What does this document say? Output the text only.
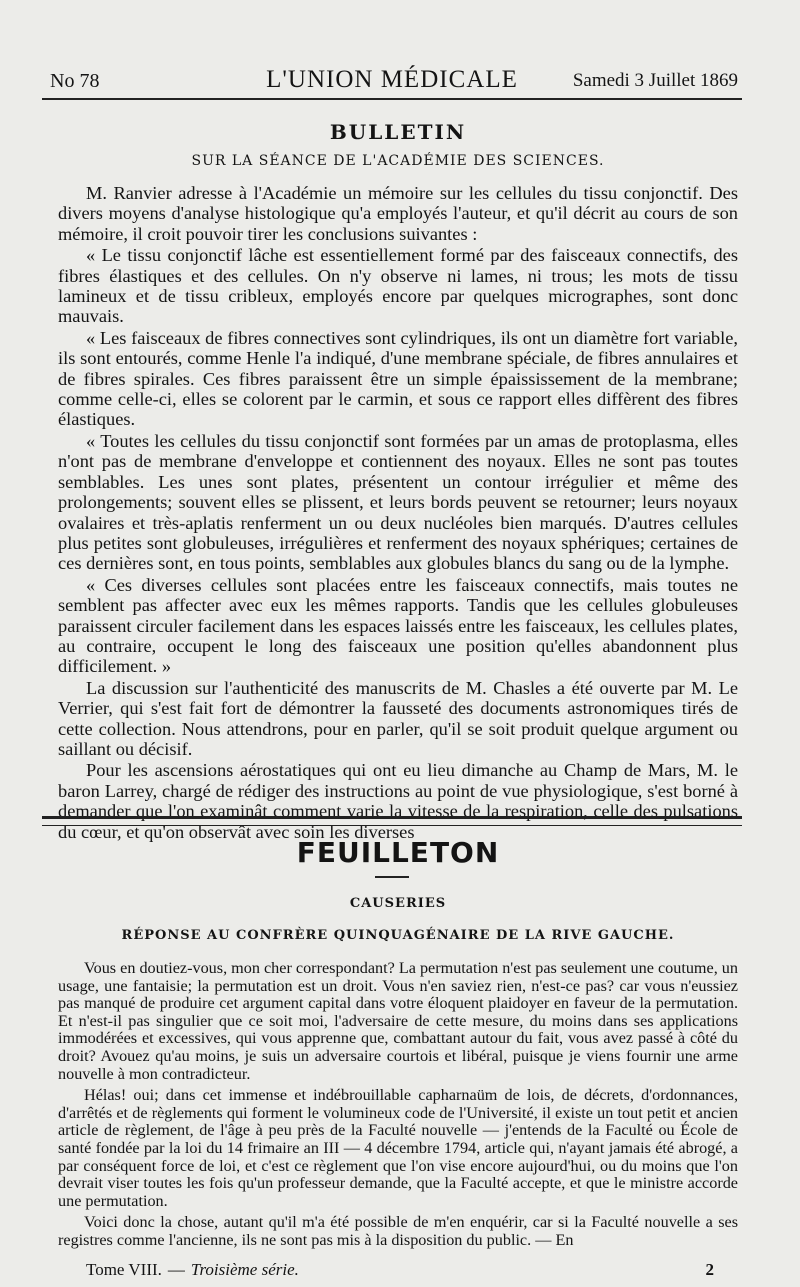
No 78	L'UNION MÉDICALE	Samedi 3 Juillet 1869
BULLETIN
SUR LA SÉANCE DE L'ACADÉMIE DES SCIENCES.

M. Ranvier adresse à l'Académie un mémoire sur les cellules du tissu conjonctif. Des divers moyens d'analyse histologique qu'a employés l'auteur, et qu'il décrit au cours de son mémoire, il croit pouvoir tirer les conclusions suivantes :

« Le tissu conjonctif lâche est essentiellement formé par des faisceaux connectifs, des fibres élastiques et des cellules. On n'y observe ni lames, ni trous; les mots de tissu lamineux et de tissu cribleux, employés encore par quelques micrographes, sont donc mauvais.

« Les faisceaux de fibres connectives sont cylindriques, ils ont un diamètre fort variable, ils sont entourés, comme Henle l'a indiqué, d'une membrane spéciale, de fibres annulaires et de fibres spirales. Ces fibres paraissent être un simple épaississement de la membrane; comme celle-ci, elles se colorent par le carmin, et sous ce rapport elles diffèrent des fibres élastiques.

« Toutes les cellules du tissu conjonctif sont formées par un amas de protoplasma, elles n'ont pas de membrane d'enveloppe et contiennent des noyaux. Elles ne sont pas toutes semblables. Les unes sont plates, présentent un contour irrégulier et même des prolongements; souvent elles se plissent, et leurs bords peuvent se retourner; leurs noyaux ovalaires et très-aplatis renferment un ou deux nucléoles bien marqués. D'autres cellules plus petites sont globuleuses, irrégulières et renferment des noyaux sphériques; certaines de ces dernières sont, en tous points, semblables aux globules blancs du sang ou de la lymphe.

« Ces diverses cellules sont placées entre les faisceaux connectifs, mais toutes ne semblent pas affecter avec eux les mêmes rapports. Tandis que les cellules globuleuses paraissent circuler facilement dans les espaces laissés entre les faisceaux, les cellules plates, au contraire, occupent le long des faisceaux une position qu'elles abandonnent plus difficilement. »

La discussion sur l'authenticité des manuscrits de M. Chasles a été ouverte par M. Le Verrier, qui s'est fait fort de démontrer la fausseté des documents astronomiques tirés de cette collection. Nous attendrons, pour en parler, qu'il se soit produit quelque argument ou saillant ou décisif.

Pour les ascensions aérostatiques qui ont eu lieu dimanche au Champ de Mars, M. le baron Larrey, chargé de rédiger des instructions au point de vue physiologique, s'est borné à demander que l'on examinât comment varie la vitesse de la respiration, celle des pulsations du cœur, et qu'on observât avec soin les diverses

FEUILLETON
CAUSERIES
RÉPONSE AU CONFRÈRE QUINQUAGÉNAIRE DE LA RIVE GAUCHE.

Vous en doutiez-vous, mon cher correspondant? La permutation n'est pas seulement une coutume, un usage, une fantaisie; la permutation est un droit. Vous n'en saviez rien, n'est-ce pas? car vous n'eussiez pas manqué de produire cet argument capital dans votre éloquent plaidoyer en faveur de la permutation. Et n'est-il pas singulier que ce soit moi, l'adversaire de cette mesure, du moins dans ses applications immodérées et excessives, qui vous apprenne que, combattant autour du fait, vous avez passé à côté du droit? Avouez qu'au moins, je suis un adversaire courtois et libéral, puisque je viens fournir une arme nouvelle à mon contradicteur.

Hélas! oui; dans cet immense et indébrouillable capharnaüm de lois, de décrets, d'ordonnances, d'arrêtés et de règlements qui forment le volumineux code de l'Université, il existe un tout petit et ancien article de règlement, de l'âge à peu près de la Faculté nouvelle — j'entends de la Faculté ou École de santé fondée par la loi du 14 frimaire an III — 4 décembre 1794, article qui, n'ayant jamais été abrogé, a par conséquent force de loi, et c'est ce règlement que l'on vise encore aujourd'hui, ou du moins que l'on devrait viser toutes les fois qu'un professeur demande, que la Faculté accepte, et que le ministre accorde une permutation.

Voici donc la chose, autant qu'il m'a été possible de m'en enquérir, car si la Faculté nouvelle a ses registres comme l'ancienne, ils ne sont pas mis à la disposition du public. — En

Tome VIII. — Troisième série.	2
